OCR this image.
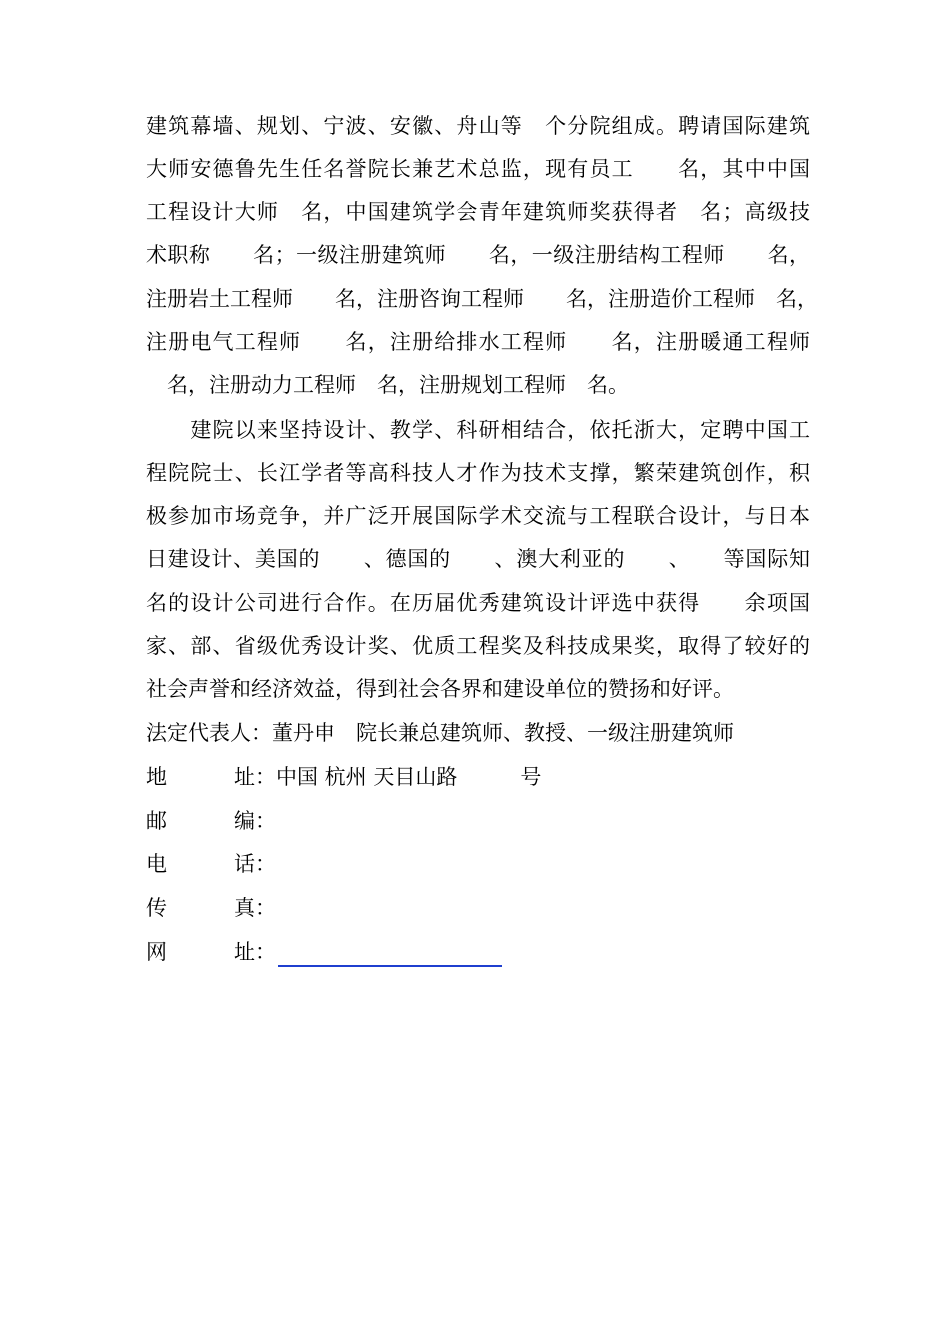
建筑幕墙、规划、宁波、安徽、舟山等　个分院组成。聘请国际建筑
大师安德鲁先生任名誉院长兼艺术总监，现有员工　　名，其中中国
工程设计大师　名，中国建筑学会青年建筑师奖获得者　名；高级技
术职称　　名；一级注册建筑师　　名，一级注册结构工程师　　名，
注册岩土工程师　　名，注册咨询工程师　　名，注册造价工程师　名，
注册电气工程师　　名，注册给排水工程师　　名，注册暖通工程师
　名，注册动力工程师　名，注册规划工程师　名。
　　建院以来坚持设计、教学、科研相结合，依托浙大，定聘中国工
程院院士、长江学者等高科技人才作为技术支撑，繁荣建筑创作，积
极参加市场竞争，并广泛开展国际学术交流与工程联合设计，与日本
日建设计、美国的　　、德国的　　、澳大利亚的　　、　　等国际知
名的设计公司进行合作。在历届优秀建筑设计评选中获得　　余项国
家、部、省级优秀设计奖、优质工程奖及科技成果奖，取得了较好的
社会声誉和经济效益，得到社会各界和建设单位的赞扬和好评。
法定代表人：董丹申　院长兼总建筑师、教授、一级注册建筑师
地	址： 中国 杭州 天目山路　　　号
邮	编：
电	话：
传	真：
网	址：
